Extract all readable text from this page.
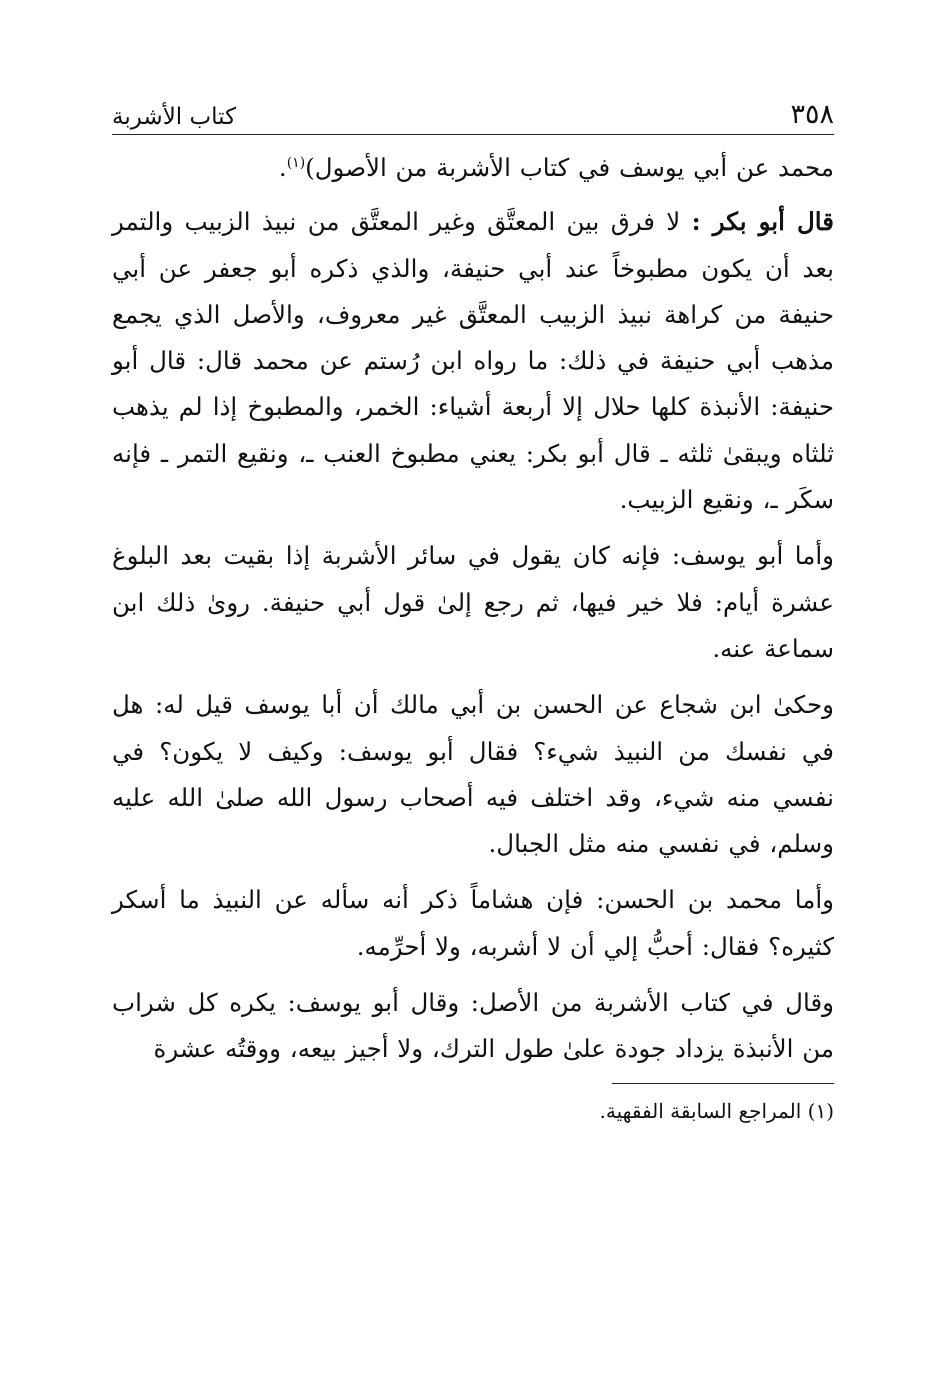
٣٥٨
كتاب الأشربة

محمد عن أبي يوسف في كتاب الأشربة من الأصول)$^{(١)}$.

قال أبو بكر : لا فرق بين المعتَّق وغير المعتَّق من نبيذ الزبيب والتمر بعد أن يكون مطبوخاً عند أبي حنيفة، والذي ذكره أبو جعفر عن أبي حنيفة من كراهة نبيذ الزبيب المعتَّق غير معروف، والأصل الذي يجمع مذهب أبي حنيفة في ذلك: ما رواه ابن رُستم عن محمد قال: قال أبو حنيفة: الأنبذة كلها حلال إلا أربعة أشياء: الخمر، والمطبوخ إذا لم يذهب ثلثاه ويبقىٰ ثلثه ـ قال أبو بكر: يعني مطبوخ العنب ـ، ونقيع التمر ـ فإنه سكَر ـ، ونقيع الزبيب.

وأما أبو يوسف: فإنه كان يقول في سائر الأشربة إذا بقيت بعد البلوغ عشرة أيام: فلا خير فيها، ثم رجع إلىٰ قول أبي حنيفة. روىٰ ذلك ابن سماعة عنه.

وحكىٰ ابن شجاع عن الحسن بن أبي مالك أن أبا يوسف قيل له: هل في نفسك من النبيذ شيء؟ فقال أبو يوسف: وكيف لا يكون؟ في نفسي منه شيء، وقد اختلف فيه أصحاب رسول الله صلىٰ الله عليه وسلم، في نفسي منه مثل الجبال.

وأما محمد بن الحسن: فإن هشاماً ذكر أنه سأله عن النبيذ ما أسكر كثيره؟ فقال: أحبُّ إلي أن لا أشربه، ولا أحرِّمه.

وقال في كتاب الأشربة من الأصل: وقال أبو يوسف: يكره كل شراب من الأنبذة يزداد جودة علىٰ طول الترك، ولا أجيز بيعه، ووقتُه عشرة

(١) المراجع السابقة الفقهية.
